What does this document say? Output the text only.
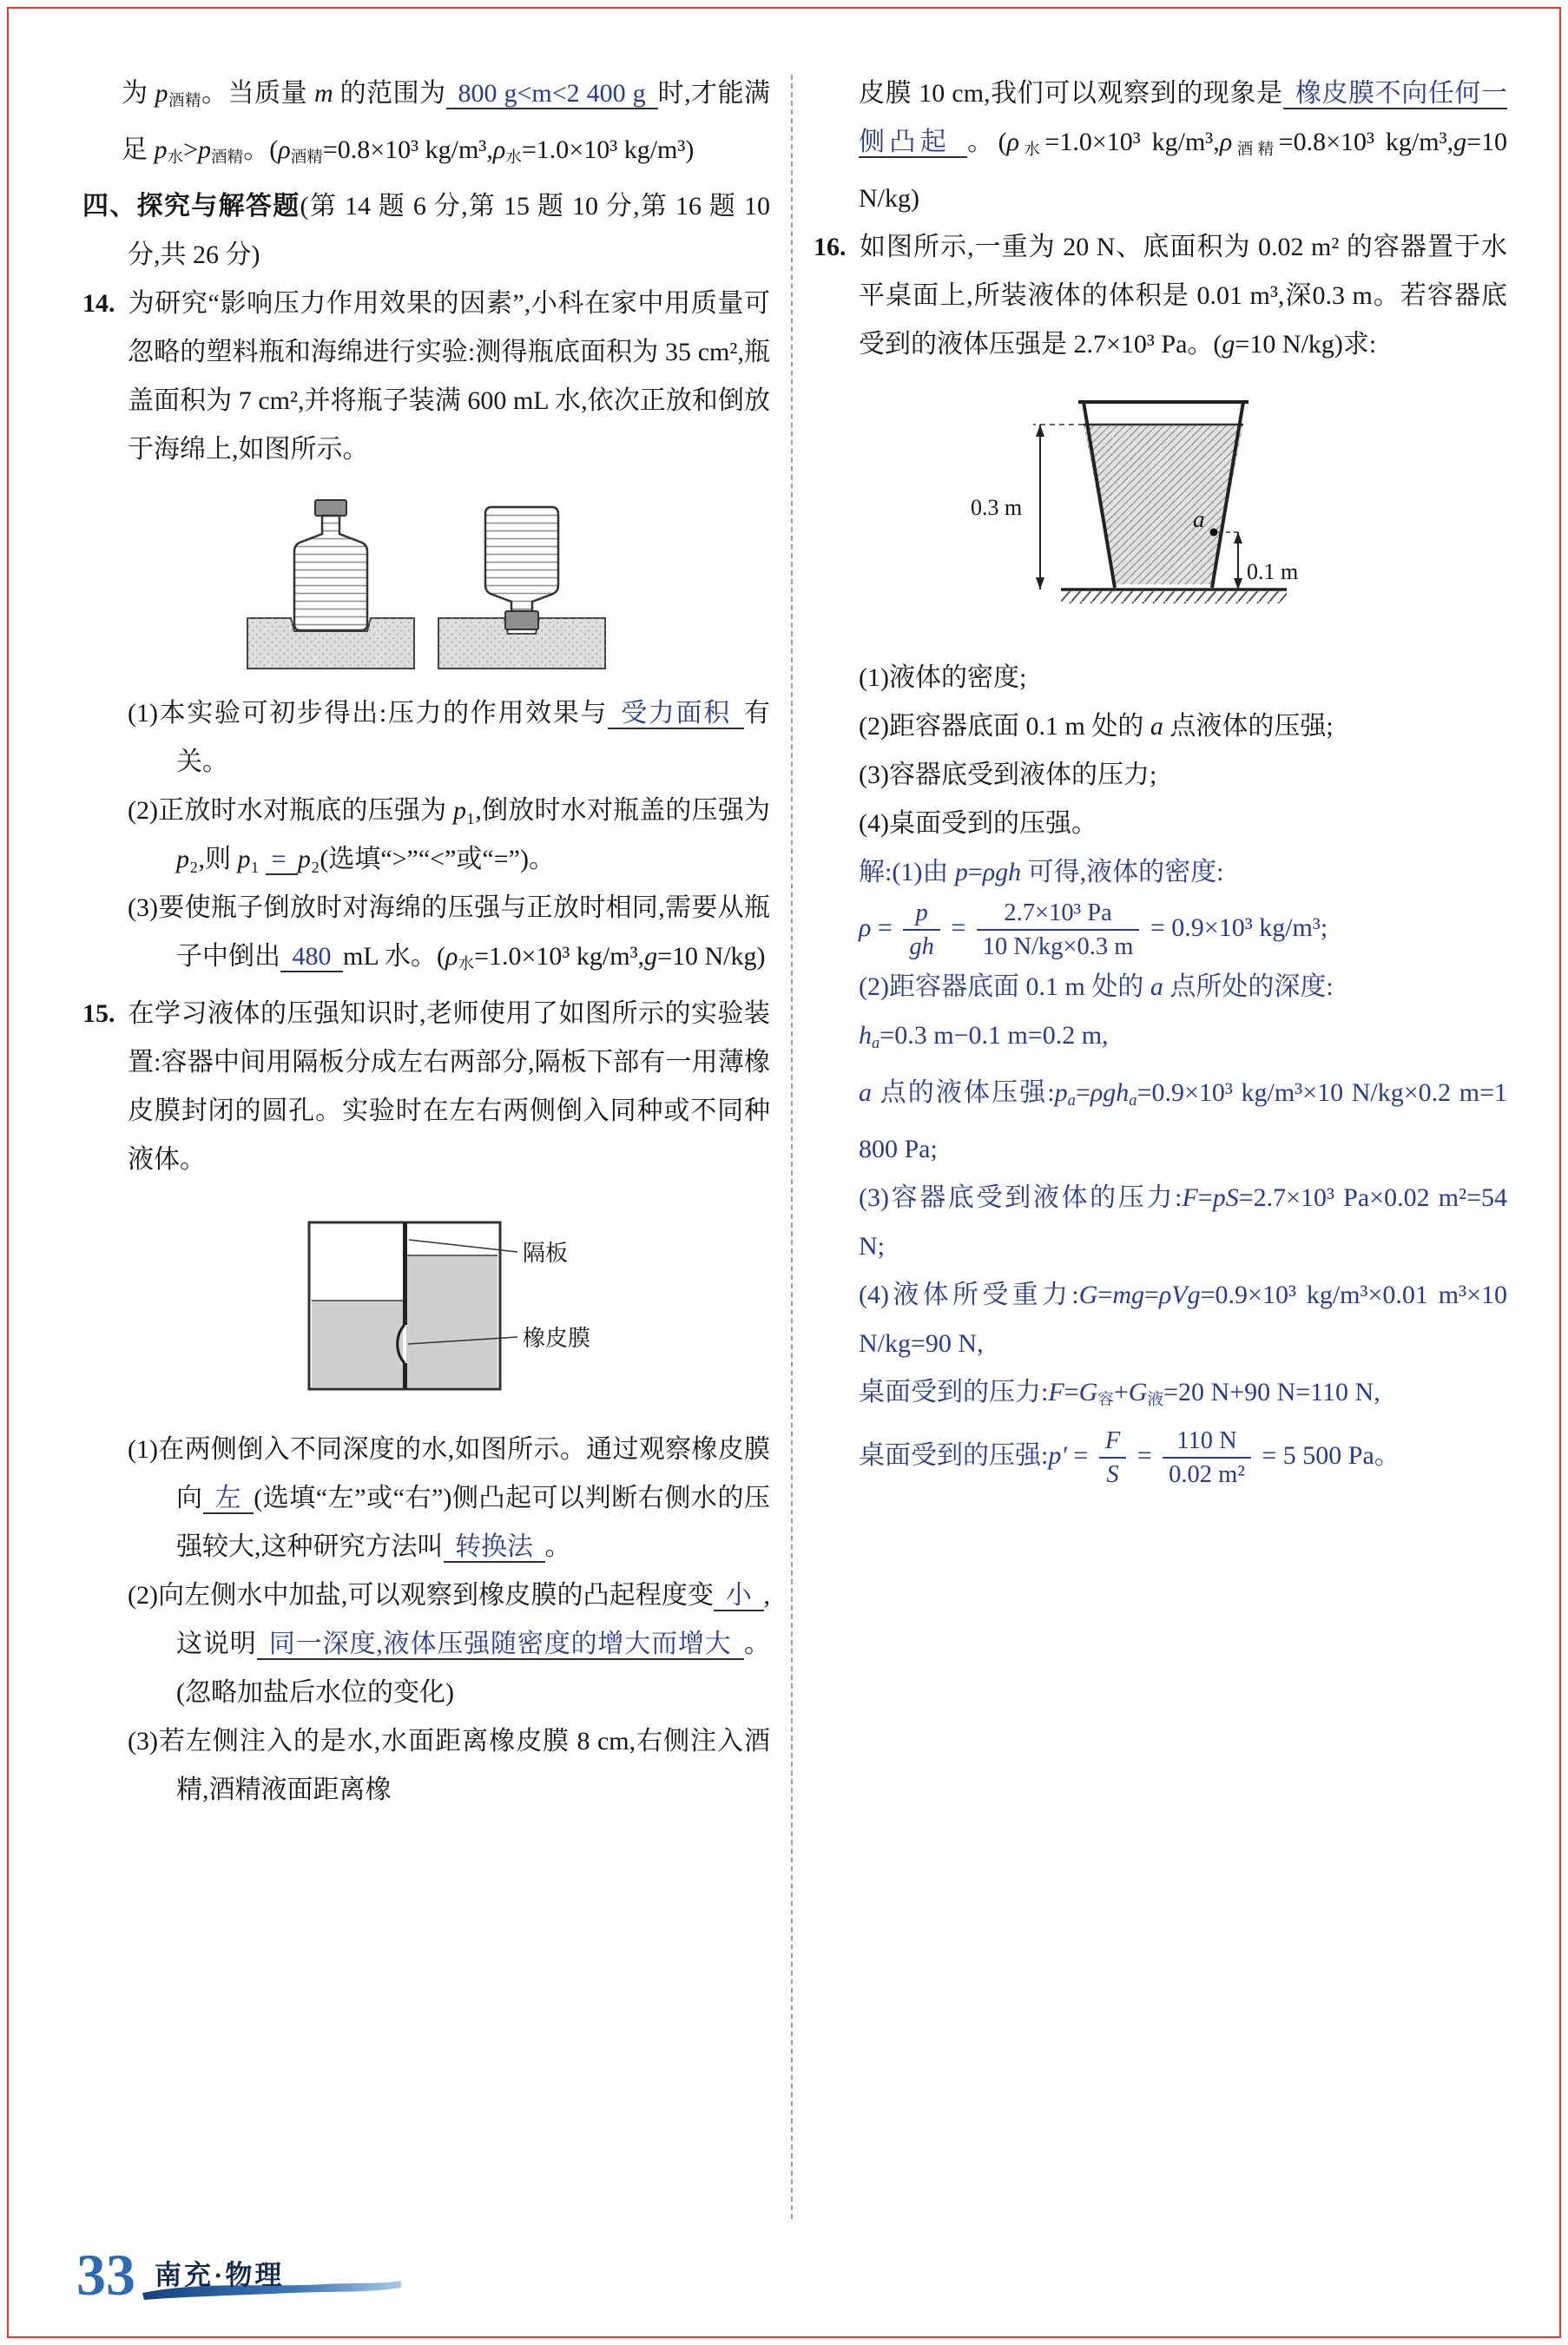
为 p酒精。当质量 m 的范围为 800 g<m<2 400 g 时,才能满足 p水>p酒精。(ρ酒精=0.8×10³ kg/m³,ρ水=1.0×10³ kg/m³)

四、探究与解答题(第 14 题 6 分,第 15 题 10 分,第 16 题 10 分,共 26 分)

14. 为研究“影响压力作用效果的因素”,小科在家中用质量可忽略的塑料瓶和海绵进行实验:测得瓶底面积为 35 cm²,瓶盖面积为 7 cm²,并将瓶子装满 600 mL 水,依次正放和倒放于海绵上,如图所示。

(1)本实验可初步得出:压力的作用效果与 受力面积 有关。

(2)正放时水对瓶底的压强为 p₁,倒放时水对瓶盖的压强为 p₂,则 p₁ = p₂(选填“>”“<”或“=”)。

(3)要使瓶子倒放时对海绵的压强与正放时相同,需要从瓶子中倒出 480 mL 水。(ρ水=1.0×10³ kg/m³,g=10 N/kg)

15. 在学习液体的压强知识时,老师使用了如图所示的实验装置:容器中间用隔板分成左右两部分,隔板下部有一用薄橡皮膜封闭的圆孔。实验时在左右两侧倒入同种或不同种液体。

隔板
橡皮膜

(1)在两侧倒入不同深度的水,如图所示。通过观察橡皮膜向 左 (选填“左”或“右”)侧凸起可以判断右侧水的压强较大,这种研究方法叫 转换法 。

(2)向左侧水中加盐,可以观察到橡皮膜的凸起程度变 小 ,这说明 同一深度,液体压强随密度的增大而增大 。(忽略加盐后水位的变化)

(3)若左侧注入的是水,水面距离橡皮膜 8 cm,右侧注入酒精,酒精液面距离橡

皮膜 10 cm,我们可以观察到的现象是 橡皮膜不向任何一侧凸起 。(ρ水=1.0×10³ kg/m³,ρ酒精=0.8×10³ kg/m³,g=10 N/kg)

16. 如图所示,一重为 20 N、底面积为 0.02 m² 的容器置于水平桌面上,所装液体的体积是 0.01 m³,深0.3 m。若容器底受到的液体压强是 2.7×10³ Pa。(g=10 N/kg)求:

0.3 m	a
0.1 m

(1)液体的密度;

(2)距容器底面 0.1 m 处的 a 点液体的压强;

(3)容器底受到液体的压力;

(4)桌面受到的压强。

解:(1)由 p=ρgh 可得,液体的密度:

$\rho = \frac{p}{gh} = \frac{\text{2.7×10³ Pa}}{10 N/kg\times 0.3 m} = 0.9\times 10^3$ kg/m³;

(2)距容器底面 0.1 m 处的 a 点所处的深度:

ha=0.3 m−0.1 m=0.2 m,

a 点的液体压强:pa=ρgha=0.9×10³ kg/m³×10 N/kg×0.2 m=1 800 Pa;

(3)容器底受到液体的压力:F=pS=2.7×10³ Pa×0.02 m²=54 N;

(4)液体所受重力:G=mg=ρVg=0.9×10³ kg/m³×0.01 m³×10 N/kg=90 N,

桌面受到的压力:F=G容+G液=20 N+90 N=110 N,

桌面受到的压强:p′ = $\frac{F}{S} = \frac{110 N}{\text{0.02 m²}} = 5$ 500 Pa。

33 南充·物理
